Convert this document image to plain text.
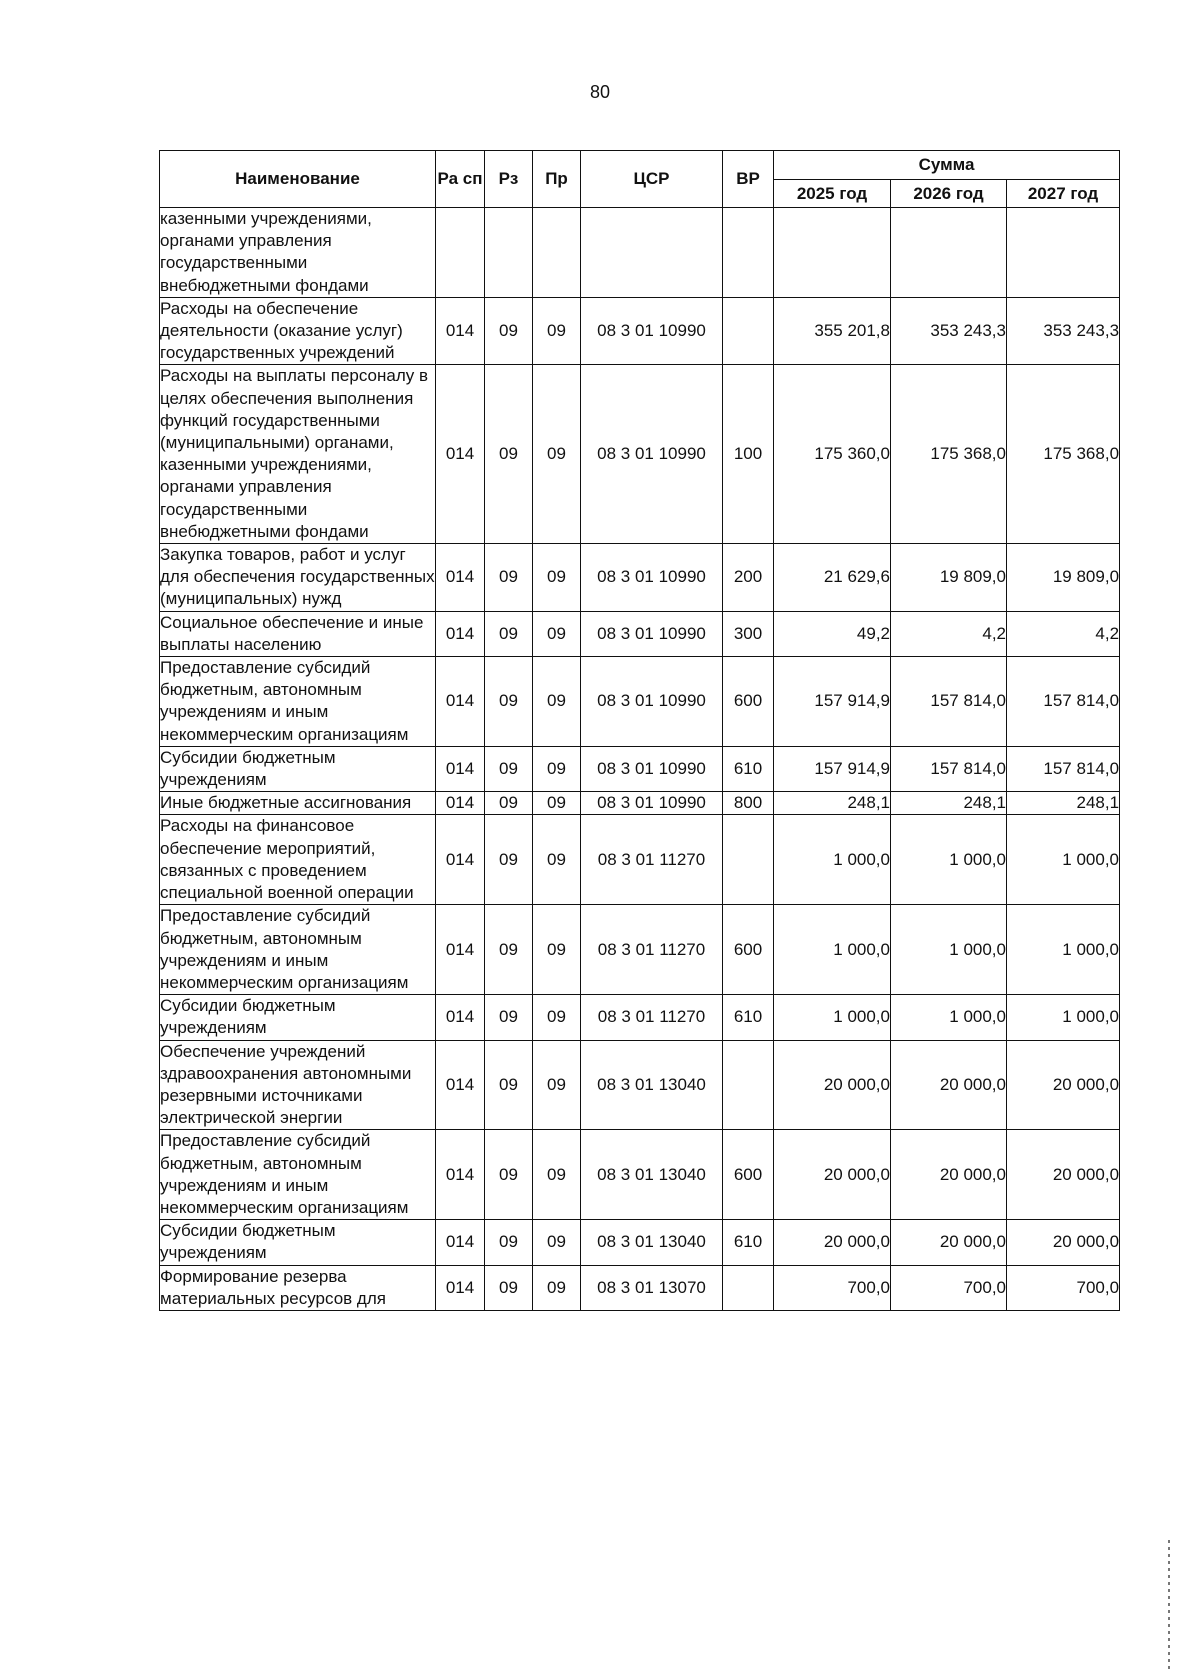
80
Наименование	Ра сп	Рз	Пр	ЦСР	ВР	Сумма		
						2025 год	2026 год	2027 год
казенными учреждениями, органами управления государственными внебюджетными фондами								
Расходы на обеспечение деятельности (оказание услуг) государственных учреждений	014	09	09	08 3 01 10990		355 201,8	353 243,3	353 243,3
Расходы на выплаты персоналу в целях обеспечения выполнения функций государственными (муниципальными) органами, казенными учреждениями, органами управления государственными внебюджетными фондами	014	09	09	08 3 01 10990	100	175 360,0	175 368,0	175 368,0
Закупка товаров, работ и услуг для обеспечения государственных (муниципальных) нужд	014	09	09	08 3 01 10990	200	21 629,6	19 809,0	19 809,0
Социальное обеспечение и иные выплаты населению	014	09	09	08 3 01 10990	300	49,2	4,2	4,2
Предоставление субсидий бюджетным, автономным учреждениям и иным некоммерческим организациям	014	09	09	08 3 01 10990	600	157 914,9	157 814,0	157 814,0
Субсидии бюджетным учреждениям	014	09	09	08 3 01 10990	610	157 914,9	157 814,0	157 814,0
Иные бюджетные ассигнования	014	09	09	08 3 01 10990	800	248,1	248,1	248,1
Расходы на финансовое обеспечение мероприятий, связанных с проведением специальной военной операции	014	09	09	08 3 01 11270		1 000,0	1 000,0	1 000,0
Предоставление субсидий бюджетным, автономным учреждениям и иным некоммерческим организациям	014	09	09	08 3 01 11270	600	1 000,0	1 000,0	1 000,0
Субсидии бюджетным учреждениям	014	09	09	08 3 01 11270	610	1 000,0	1 000,0	1 000,0
Обеспечение учреждений здравоохранения автономными резервными источниками электрической энергии	014	09	09	08 3 01 13040		20 000,0	20 000,0	20 000,0
Предоставление субсидий бюджетным, автономным учреждениям и иным некоммерческим организациям	014	09	09	08 3 01 13040	600	20 000,0	20 000,0	20 000,0
Субсидии бюджетным учреждениям	014	09	09	08 3 01 13040	610	20 000,0	20 000,0	20 000,0
Формирование резерва материальных ресурсов для	014	09	09	08 3 01 13070		700,0	700,0	700,0
